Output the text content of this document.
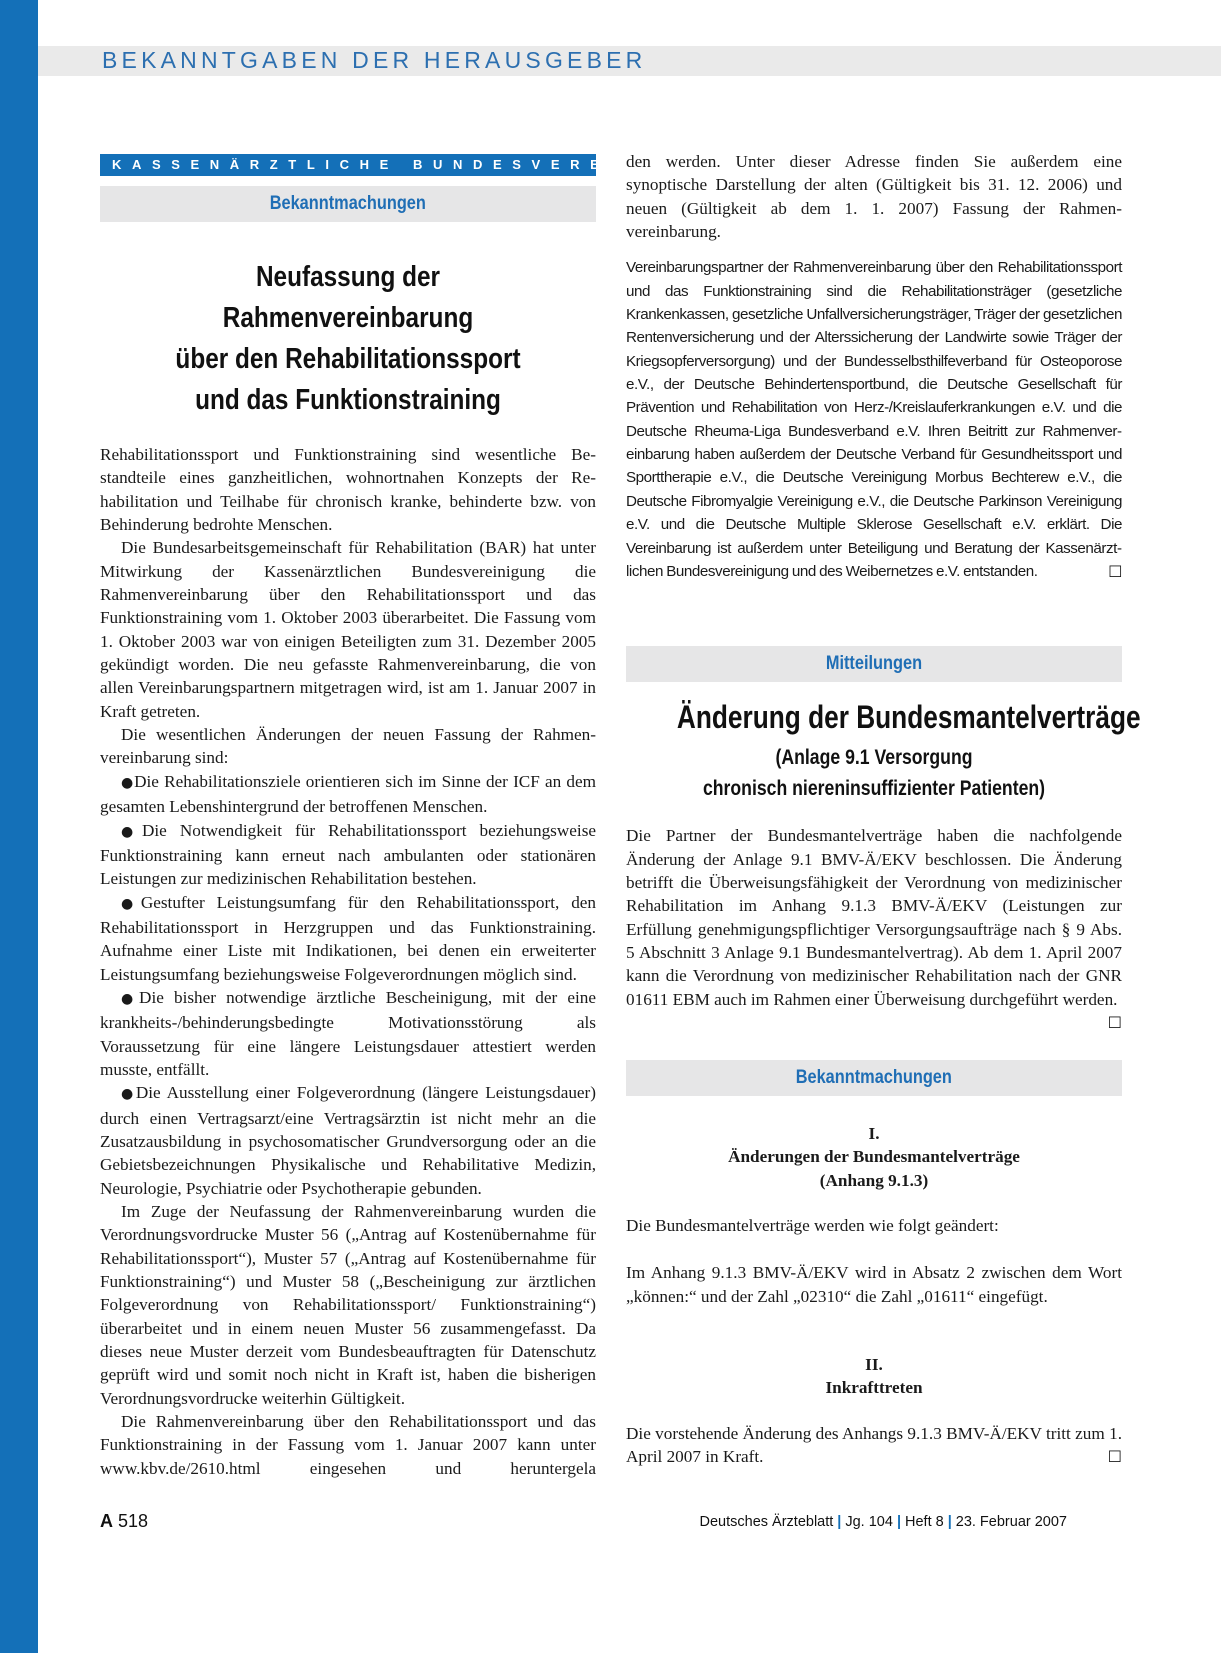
BEKANNTGABEN DER HERAUSGEBER
KASSENÄRZTLICHE BUNDESVEREINIGUNG
Bekanntmachungen
Neufassung der
Rahmenvereinbarung
über den Rehabilitationssport
und das Funktionstraining

Rehabilitationssport und Funktionstraining sind wesentliche Bestandteile eines ganzheitlichen, wohnortnahen Konzepts der Rehabilitation und Teilhabe für chronisch kranke, behinderte bzw. von Behinderung bedrohte Menschen.

Die Bundesarbeitsgemeinschaft für Rehabilitation (BAR) hat unter Mitwirkung der Kassenärztlichen Bundesvereinigung die Rahmenvereinbarung über den Rehabilitationssport und das Funktionstraining vom 1. Oktober 2003 überarbeitet. Die Fassung vom 1. Oktober 2003 war von einigen Beteiligten zum 31. Dezember 2005 gekündigt worden. Die neu gefasste Rahmenvereinbarung, die von allen Vereinbarungspartnern mitgetragen wird, ist am 1. Januar 2007 in Kraft getreten.

Die wesentlichen Änderungen der neuen Fassung der Rahmenvereinbarung sind:

●Die Rehabilitationsziele orientieren sich im Sinne der ICF an dem gesamten Lebenshintergrund der betroffenen Menschen.

●Die Notwendigkeit für Rehabilitationssport beziehungsweise Funktionstraining kann erneut nach ambulanten oder stationären Leistungen zur medizinischen Rehabilitation bestehen.

●Gestufter Leistungsumfang für den Rehabilitationssport, den Rehabilitationssport in Herzgruppen und das Funktionstraining. Aufnahme einer Liste mit Indikationen, bei denen ein erweiterter Leistungsumfang beziehungsweise Folgeverordnungen möglich sind.

●Die bisher notwendige ärztliche Bescheinigung, mit der eine krankheits-/behinderungsbedingte Motivationsstörung als Voraussetzung für eine längere Leistungsdauer attestiert werden musste, entfällt.

●Die Ausstellung einer Folgeverordnung (längere Leistungsdauer) durch einen Vertragsarzt/eine Vertragsärztin ist nicht mehr an die Zusatzausbildung in psychosomatischer Grundversorgung oder an die Gebietsbezeichnungen Physikalische und Rehabilitative Medizin, Neurologie, Psychiatrie oder Psychotherapie gebunden.

Im Zuge der Neufassung der Rahmenvereinbarung wurden die Verordnungsvordrucke Muster 56 („Antrag auf Kostenübernahme für Rehabilitationssport“), Muster 57 („Antrag auf Kostenübernahme für Funktionstraining“) und Muster 58 („Bescheinigung zur ärztlichen Folgeverordnung von Rehabilitationssport/ Funktionstraining“) überarbeitet und in einem neuen Muster 56 zusammengefasst. Da dieses neue Muster derzeit vom Bundesbeauftragten für Datenschutz geprüft wird und somit noch nicht in Kraft ist, haben die bisherigen Verordnungsvordrucke weiterhin Gültigkeit.

Die Rahmenvereinbarung über den Rehabilitationssport und das Funktionstraining in der Fassung vom 1. Januar 2007 kann unter www.kbv.de/2610.html eingesehen und heruntergela

den werden. Unter dieser Adresse finden Sie außerdem eine synoptische Darstellung der alten (Gültigkeit bis 31. 12. 2006) und neuen (Gültigkeit ab dem 1. 1. 2007) Fassung der Rahmenvereinbarung.

Vereinbarungspartner der Rahmenvereinbarung über den Rehabilitationssport und das Funktionstraining sind die Rehabilitationsträger (gesetzliche Krankenkassen, gesetzliche Unfallversicherungsträger, Träger der gesetzlichen Rentenversicherung und der Alterssicherung der Landwirte sowie Träger der Kriegsopferversorgung) und der Bundesselbsthilfeverband für Osteoporose e.V., der Deutsche Behindertensportbund, die Deutsche Gesellschaft für Prävention und Rehabilitation von Herz-/Kreislauferkrankungen e.V. und die Deutsche Rheuma-Liga Bundesverband e.V. Ihren Beitritt zur Rahmenvereinbarung haben außerdem der Deutsche Verband für Gesundheitssport und Sporttherapie e.V., die Deutsche Vereinigung Morbus Bechterew e.V., die Deutsche Fibromyalgie Vereinigung e.V., die Deutsche Parkinson Vereinigung e.V. und die Deutsche Multiple Sklerose Gesellschaft e.V. erklärt. Die Vereinbarung ist außerdem unter Beteiligung und Beratung der Kassenärztlichen Bundesvereinigung und des Weibernetzes e.V. entstanden.	☐

Mitteilungen
Änderung der Bundesmantelverträge
(Anlage 9.1 Versorgung
chronisch niereninsuffizienter Patienten)

Die Partner der Bundesmantelverträge haben die nachfolgende Änderung der Anlage 9.1 BMV-Ä/EKV beschlossen. Die Änderung betrifft die Überweisungsfähigkeit der Verordnung von medizinischer Rehabilitation im Anhang 9.1.3 BMV-Ä/EKV (Leistungen zur Erfüllung genehmigungspflichtiger Versorgungsaufträge nach § 9 Abs. 5 Abschnitt 3 Anlage 9.1 Bundesmantelvertrag). Ab dem 1. April 2007 kann die Verordnung von medizinischer Rehabilitation nach der GNR 01611 EBM auch im Rahmen einer Überweisung durchgeführt werden.
☐

Bekanntmachungen
I.
Änderungen der Bundesmantelverträge
(Anhang 9.1.3)

Die Bundesmantelverträge werden wie folgt geändert:

Im Anhang 9.1.3 BMV-Ä/EKV wird in Absatz 2 zwischen dem Wort „können:“ und der Zahl „02310“ die Zahl „01611“ eingefügt.

II.
Inkrafttreten

Die vorstehende Änderung des Anhangs 9.1.3 BMV-Ä/EKV tritt zum 1. April 2007 in Kraft.	☐

A 518	Deutsches Ärzteblatt | Jg. 104 | Heft 8 | 23. Februar 2007
